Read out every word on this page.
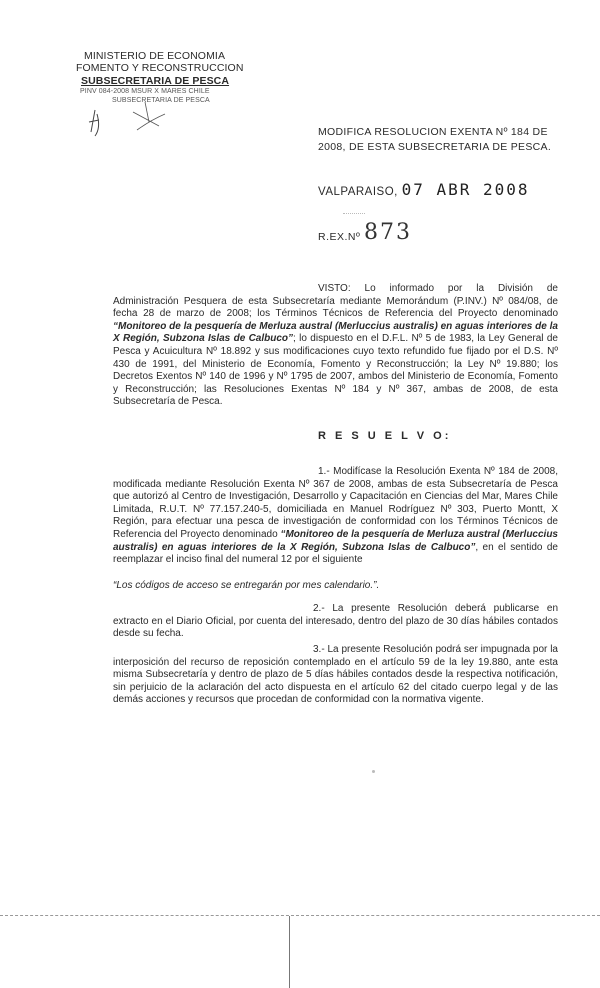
MINISTERIO DE ECONOMIA
FOMENTO Y RECONSTRUCCION
SUBSECRETARIA DE PESCA
PINV 084-2008 MSUR X MARES CHILE
SUBSECRETARIA DE PESCA
MODIFICA RESOLUCION EXENTA Nº 184 DE 2008, DE ESTA SUBSECRETARIA DE PESCA.
VALPARAISO, 07 ABR 2008
R.EX.Nº 873
VISTO: Lo informado por la División de Administración Pesquera de esta Subsecretaría mediante Memorándum (P.INV.) Nº 084/08, de fecha 28 de marzo de 2008; los Términos Técnicos de Referencia del Proyecto denominado “Monitoreo de la pesquería de Merluza austral (Merluccius australis) en aguas interiores de la X Región, Subzona Islas de Calbuco”; lo dispuesto en el D.F.L. Nº 5 de 1983, la Ley General de Pesca y Acuicultura Nº 18.892 y sus modificaciones cuyo texto refundido fue fijado por el D.S. Nº 430 de 1991, del Ministerio de Economía, Fomento y Reconstrucción; la Ley Nº 19.880; los Decretos Exentos Nº 140 de 1996 y Nº 1795 de 2007, ambos del Ministerio de Economía, Fomento y Reconstrucción; las Resoluciones Exentas Nº 184 y Nº 367, ambas de 2008, de esta Subsecretaría de Pesca.
R E S U E L V O:
1.- Modifícase la Resolución Exenta Nº 184 de 2008, modificada mediante Resolución Exenta Nº 367 de 2008, ambas de esta Subsecretaría de Pesca que autorizó al Centro de Investigación, Desarrollo y Capacitación en Ciencias del Mar, Mares Chile Limitada, R.U.T. Nº 77.157.240-5, domiciliada en Manuel Rodríguez Nº 303, Puerto Montt, X Región, para efectuar una pesca de investigación de conformidad con los Términos Técnicos de Referencia del Proyecto denominado “Monitoreo de la pesquería de Merluza austral (Merluccius australis) en aguas interiores de la X Región, Subzona Islas de Calbuco”, en el sentido de reemplazar el inciso final del numeral 12 por el siguiente
“Los códigos de acceso se entregarán por mes calendario.”.
2.- La presente Resolución deberá publicarse en extracto en el Diario Oficial, por cuenta del interesado, dentro del plazo de 30 días hábiles contados desde su fecha.
3.- La presente Resolución podrá ser impugnada por la interposición del recurso de reposición contemplado en el artículo 59 de la ley 19.880, ante esta misma Subsecretaría y dentro de plazo de 5 días hábiles contados desde la respectiva notificación, sin perjuicio de la aclaración del acto dispuesta en el artículo 62 del citado cuerpo legal y de las demás acciones y recursos que procedan de conformidad con la normativa vigente.
